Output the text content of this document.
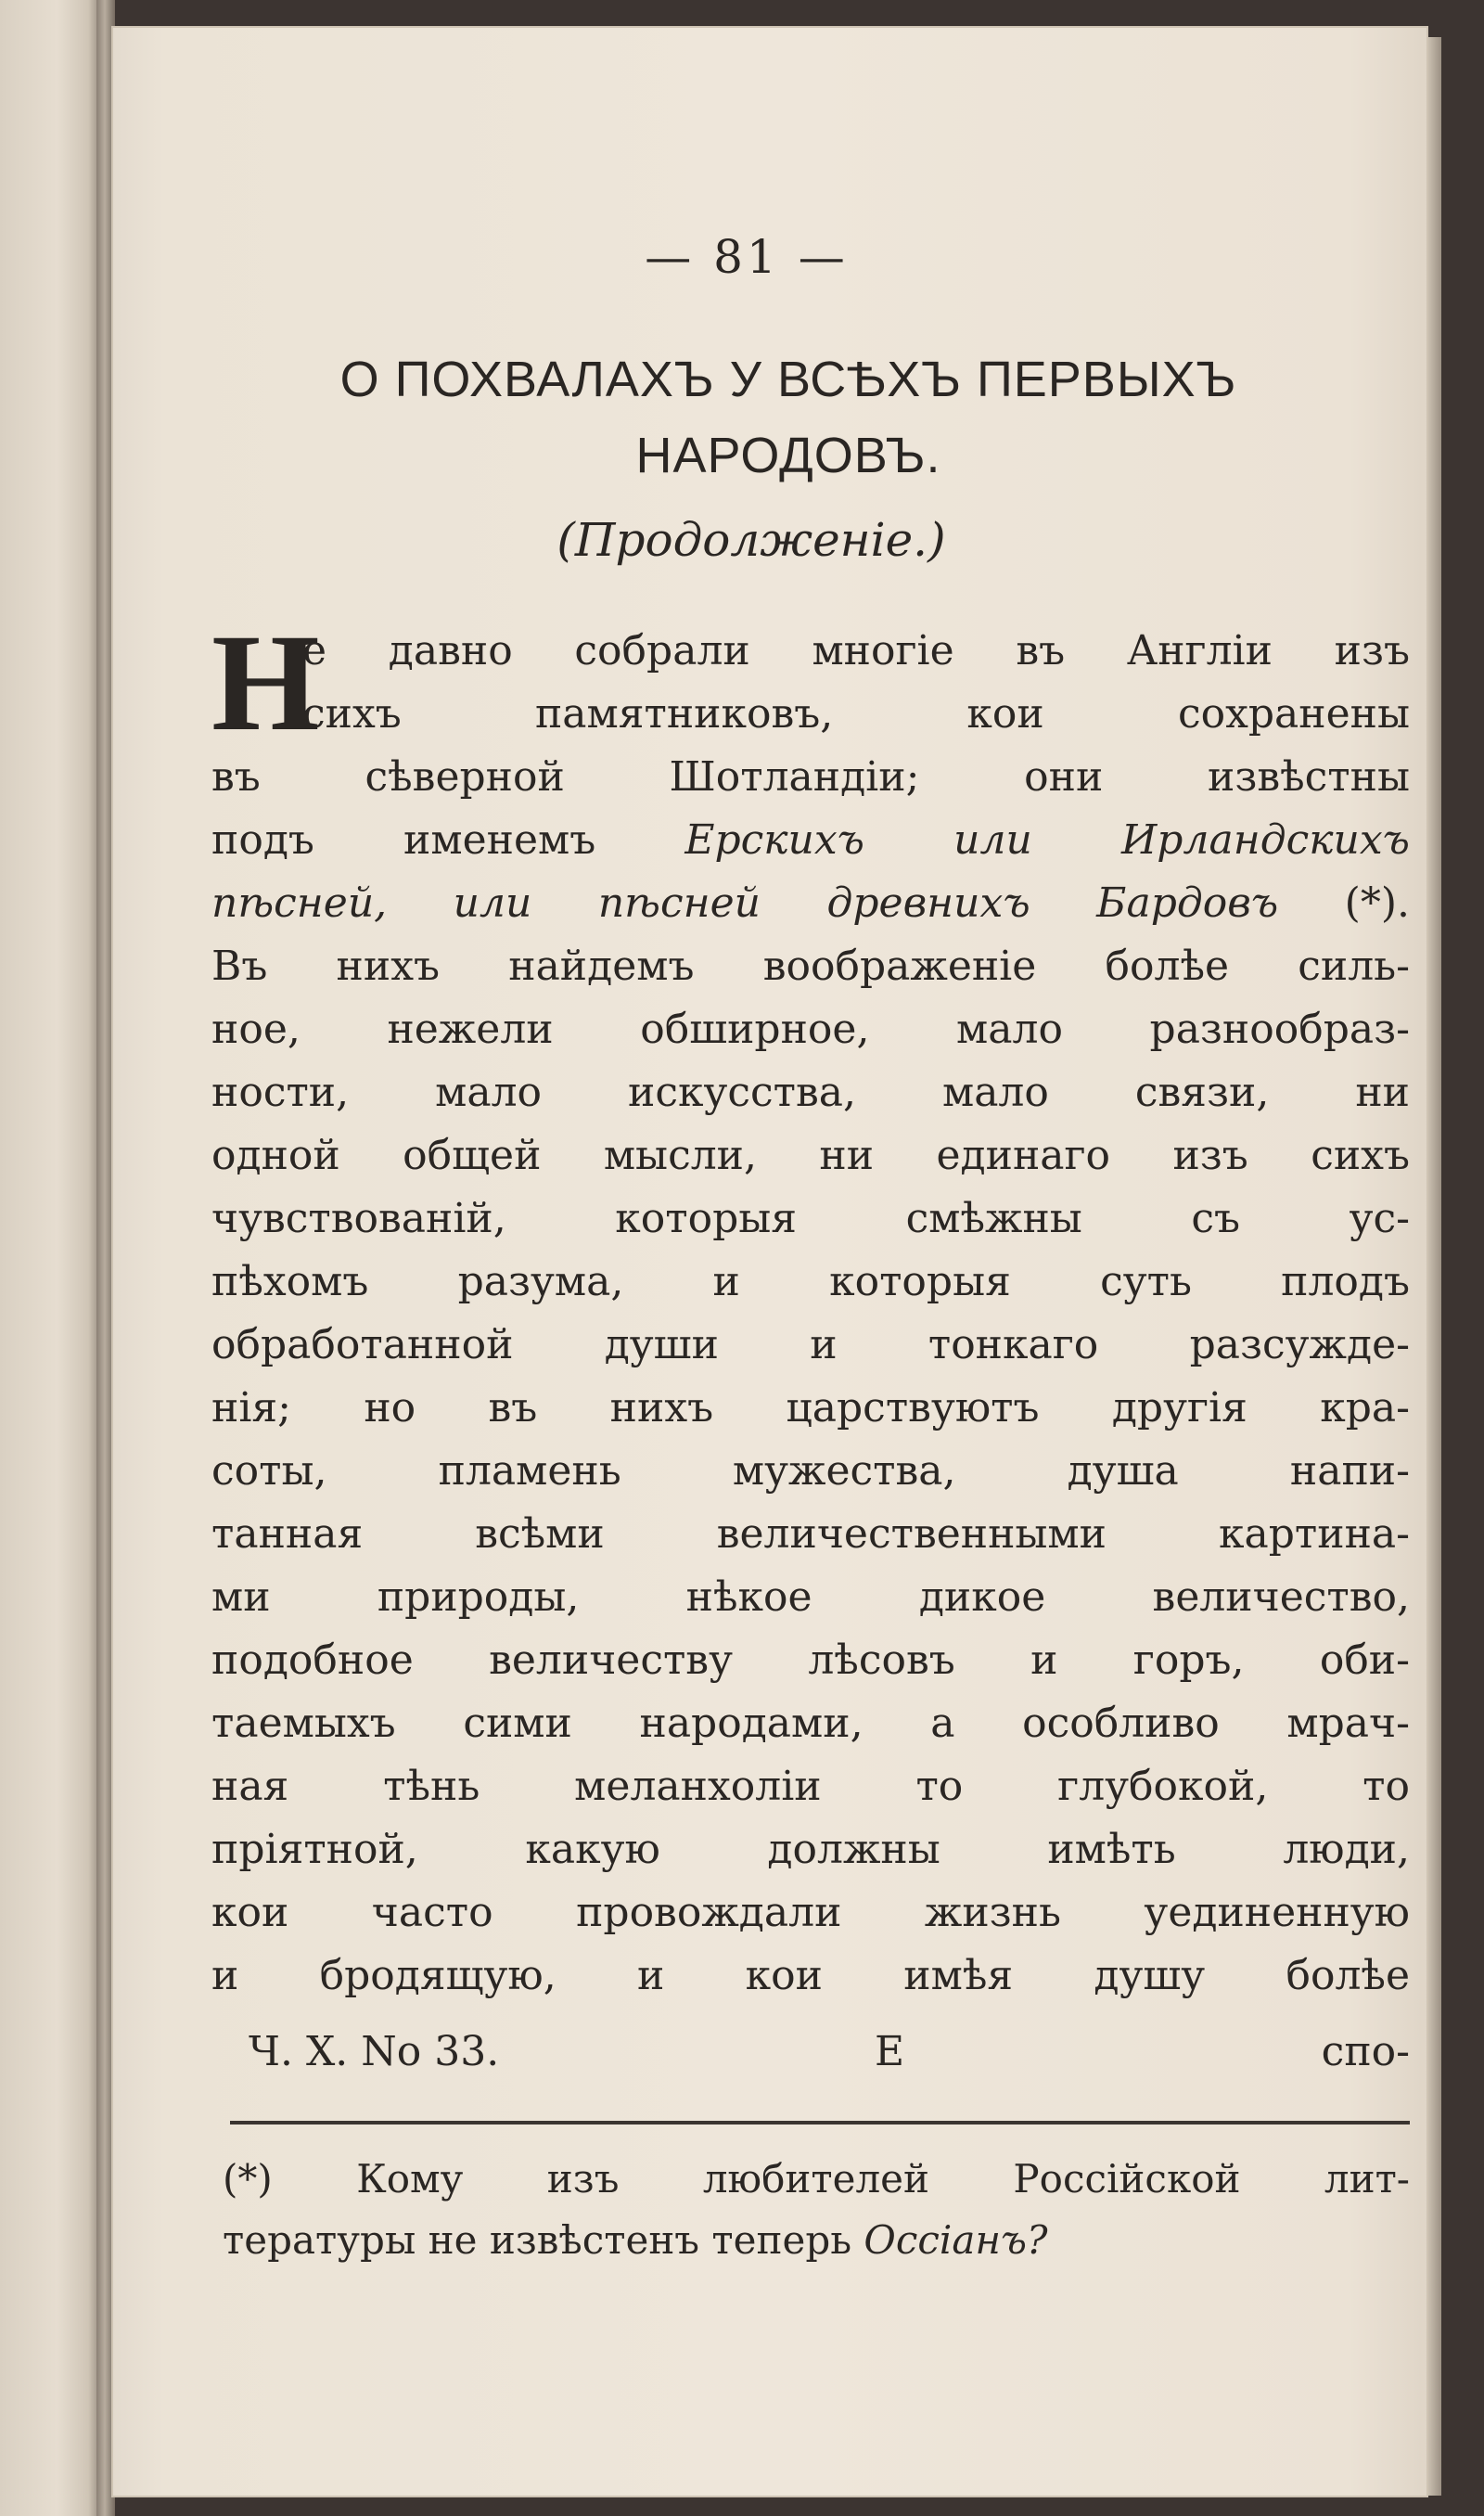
— 81 —
О ПОХВАЛАХЪ У ВСѢХЪ ПЕРВЫХЪ
НАРОДОВЪ.
(Продолженіе.)
Н
е давно собрали многіе въ Англіи изъ
сихъ памятниковъ, кои сохранены
въ сѣверной Шотландіи; они извѣстны
подъ именемъ Ерскихъ или Ирландскихъ
пѣсней, или пѣсней древнихъ Бардовъ (*).
Въ нихъ найдемъ воображеніе болѣе силь-
ное, нежели обширное, мало разнообраз-
ности, мало искусства, мало связи, ни
одной общей мысли, ни единаго изъ сихъ
чувствованій, которыя смѣжны съ ус-
пѣхомъ разума, и которыя суть плодъ
обработанной души и тонкаго разсужде-
нія; но въ нихъ царствуютъ другія кра-
соты, пламень мужества, душа напи-
танная всѣми величественными картина-
ми природы, нѣкое дикое величество,
подобное величеству лѣсовъ и горъ, оби-
таемыхъ сими народами, а особливо мрач-
ная тѣнь меланхоліи то глубокой, то
пріятной, какую должны имѣть люди,
кои часто провождали жизнь уединенную
и бродящую, и кои имѣя душу болѣе
Ч. X. No 33.	E	спо-
(*) Кому изъ любителей Россійской лит-
тературы не извѣстенъ теперь Оссіанъ?
